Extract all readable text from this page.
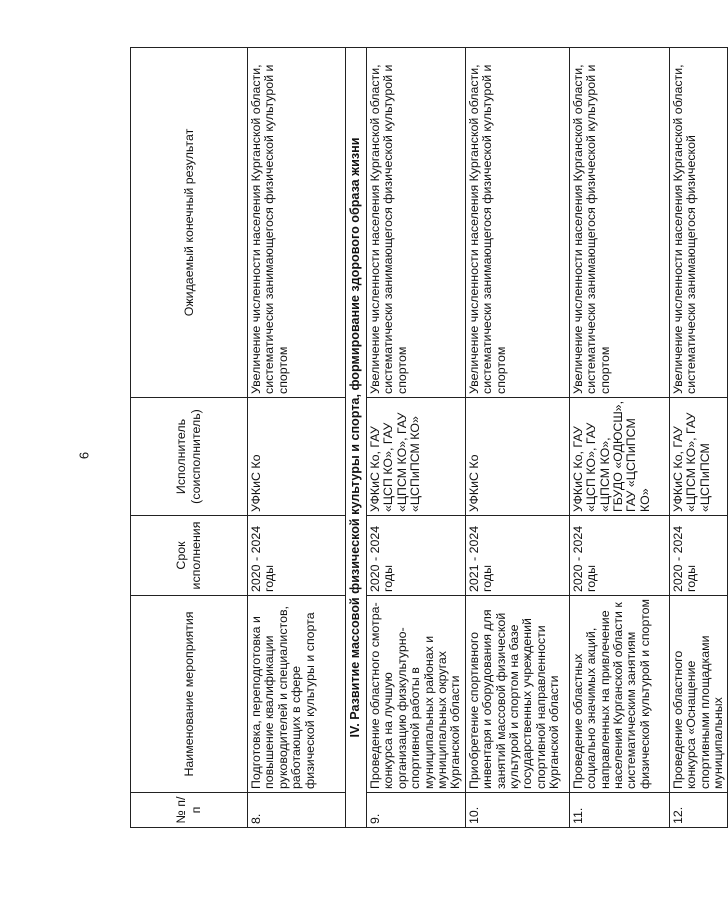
6
№ п/п	Наименование мероприятия	Срок исполнения	Исполнитель (соисполнитель)	Ожидаемый конечный результат
8.	Подготовка, переподготовка и повышение квалификации руководителей и специалистов, работающих в сфере физической культуры и спорта	2020 - 2024 годы	УФКиС Ко	Увеличение численности населения Курганской области, систематически занимающегося физической культурой и спортом
IV. Развитие массовой физической культуры и спорта, формирование здорового образа жизни				
9.	Проведение областного смотра-конкурса на лучшую организацию физкультурно-спортивной работы в муниципальных районах и муниципальных округах Курганской области	2020 - 2024 годы	УФКиС Ко, ГАУ «ЦСП КО», ГАУ «ЦПСМ КО», ГАУ «ЦСПиПСМ КО»	Увеличение численности населения Курганской области, систематически занимающегося физической культурой и спортом
10.	Приобретение спортивного инвентаря и оборудования для занятий массовой физической культурой и спортом на базе государственных учреждений спортивной направленности Курганской области	2021 - 2024 годы	УФКиС Ко	Увеличение численности населения Курганской области, систематически занимающегося физической культурой и спортом
11.	Проведение областных социально значимых акций, направленных на привлечение населения Курганской области к систематическим занятиям физической культурой и спортом	2020 - 2024 годы	УФКиС Ко, ГАУ «ЦСП КО», ГАУ «ЦПСМ КО», ГБУДО «ОДЮСШ», ГАУ «ЦСПиПСМ КО»	Увеличение численности населения Курганской области, систематически занимающегося физической культурой и спортом
12.	Проведение областного конкурса «Оснащение спортивными площадками муниципальных	2020 - 2024 годы	УФКиС Ко, ГАУ «ЦПСМ КО», ГАУ «ЦСПиПСМ	Увеличение численности населения Курганской области, систематически занимающегося физической
